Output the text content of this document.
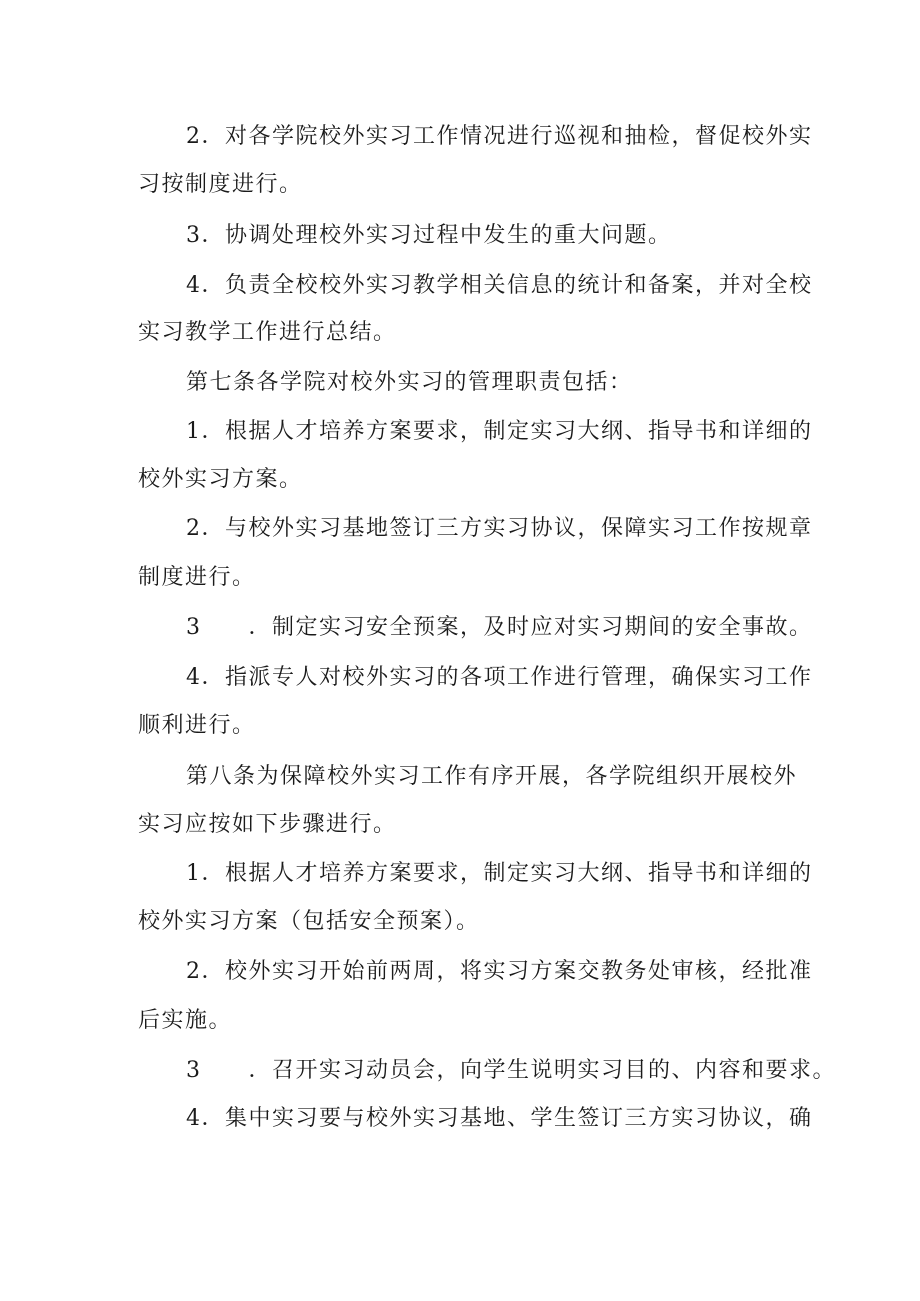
2．对各学院校外实习工作情况进行巡视和抽检，督促校外实
习按制度进行。
3．协调处理校外实习过程中发生的重大问题。
4．负责全校校外实习教学相关信息的统计和备案，并对全校
实习教学工作进行总结。
第七条各学院对校外实习的管理职责包括：
1．根据人才培养方案要求，制定实习大纲、指导书和详细的
校外实习方案。
2．与校外实习基地签订三方实习协议，保障实习工作按规章
制度进行。
3　　．制定实习安全预案，及时应对实习期间的安全事故。
4．指派专人对校外实习的各项工作进行管理，确保实习工作
顺利进行。
第八条为保障校外实习工作有序开展，各学院组织开展校外
实习应按如下步骤进行。
1．根据人才培养方案要求，制定实习大纲、指导书和详细的
校外实习方案（包括安全预案）。
2．校外实习开始前两周，将实习方案交教务处审核，经批准
后实施。
3　　．召开实习动员会，向学生说明实习目的、内容和要求。
4．集中实习要与校外实习基地、学生签订三方实习协议，确
